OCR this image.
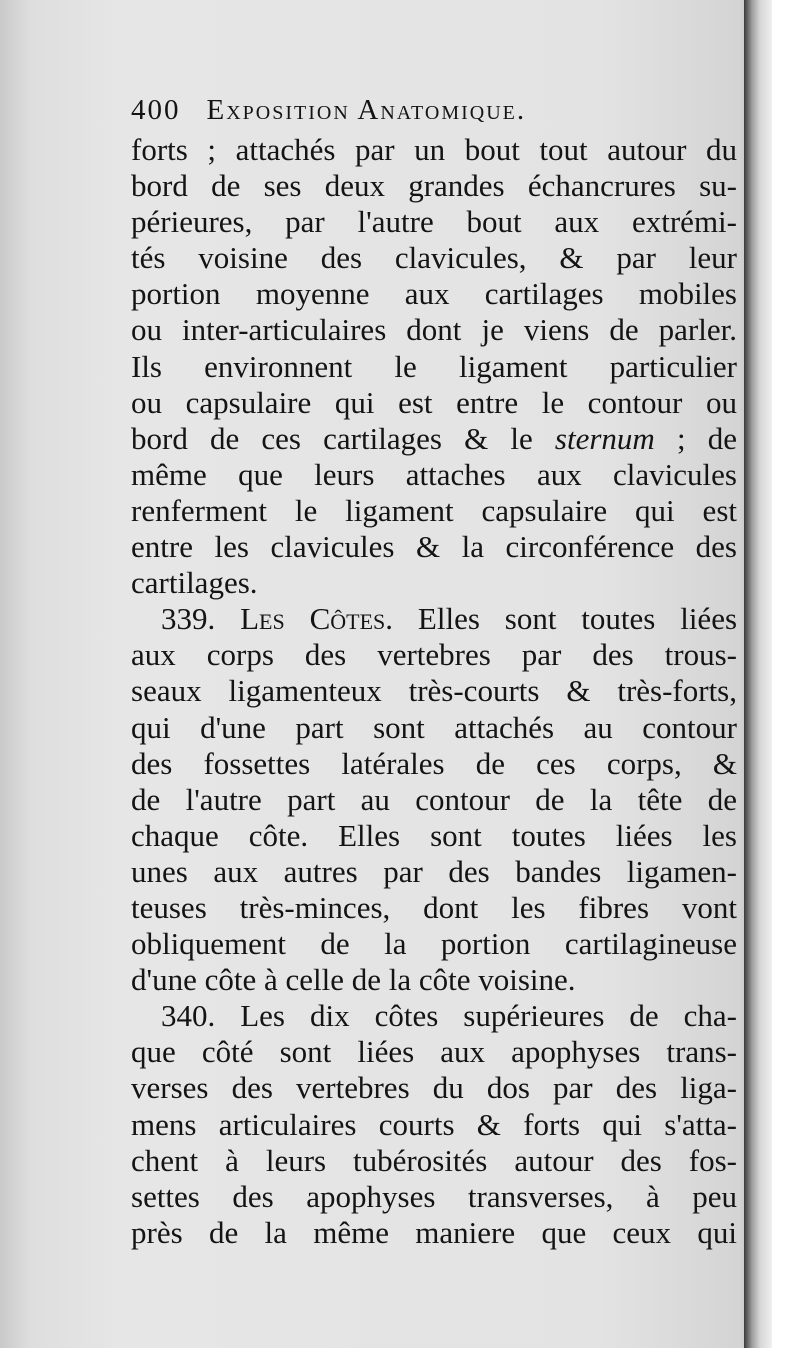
400 Exposition Anatomique.
forts ; attachés par un bout tout autour du
bord de ses deux grandes échancrures su-
périeures, par l'autre bout aux extrémi-
tés voisine des clavicules, & par leur
portion moyenne aux cartilages mobiles
ou inter-articulaires dont je viens de parler.
Ils environnent le ligament particulier
ou capsulaire qui est entre le contour ou
bord de ces cartilages & le sternum ; de
même que leurs attaches aux clavicules
renferment le ligament capsulaire qui est
entre les clavicules & la circonférence des
cartilages.
339. Les Côtes. Elles sont toutes liées
aux corps des vertebres par des trous-
seaux ligamenteux très-courts & très-forts,
qui d'une part sont attachés au contour
des fossettes latérales de ces corps, &
de l'autre part au contour de la tête de
chaque côte. Elles sont toutes liées les
unes aux autres par des bandes ligamen-
teuses très-minces, dont les fibres vont
obliquement de la portion cartilagineuse
d'une côte à celle de la côte voisine.
340. Les dix côtes supérieures de cha-
que côté sont liées aux apophyses trans-
verses des vertebres du dos par des liga-
mens articulaires courts & forts qui s'atta-
chent à leurs tubérosités autour des fos-
settes des apophyses transverses, à peu
près de la même maniere que ceux qui
